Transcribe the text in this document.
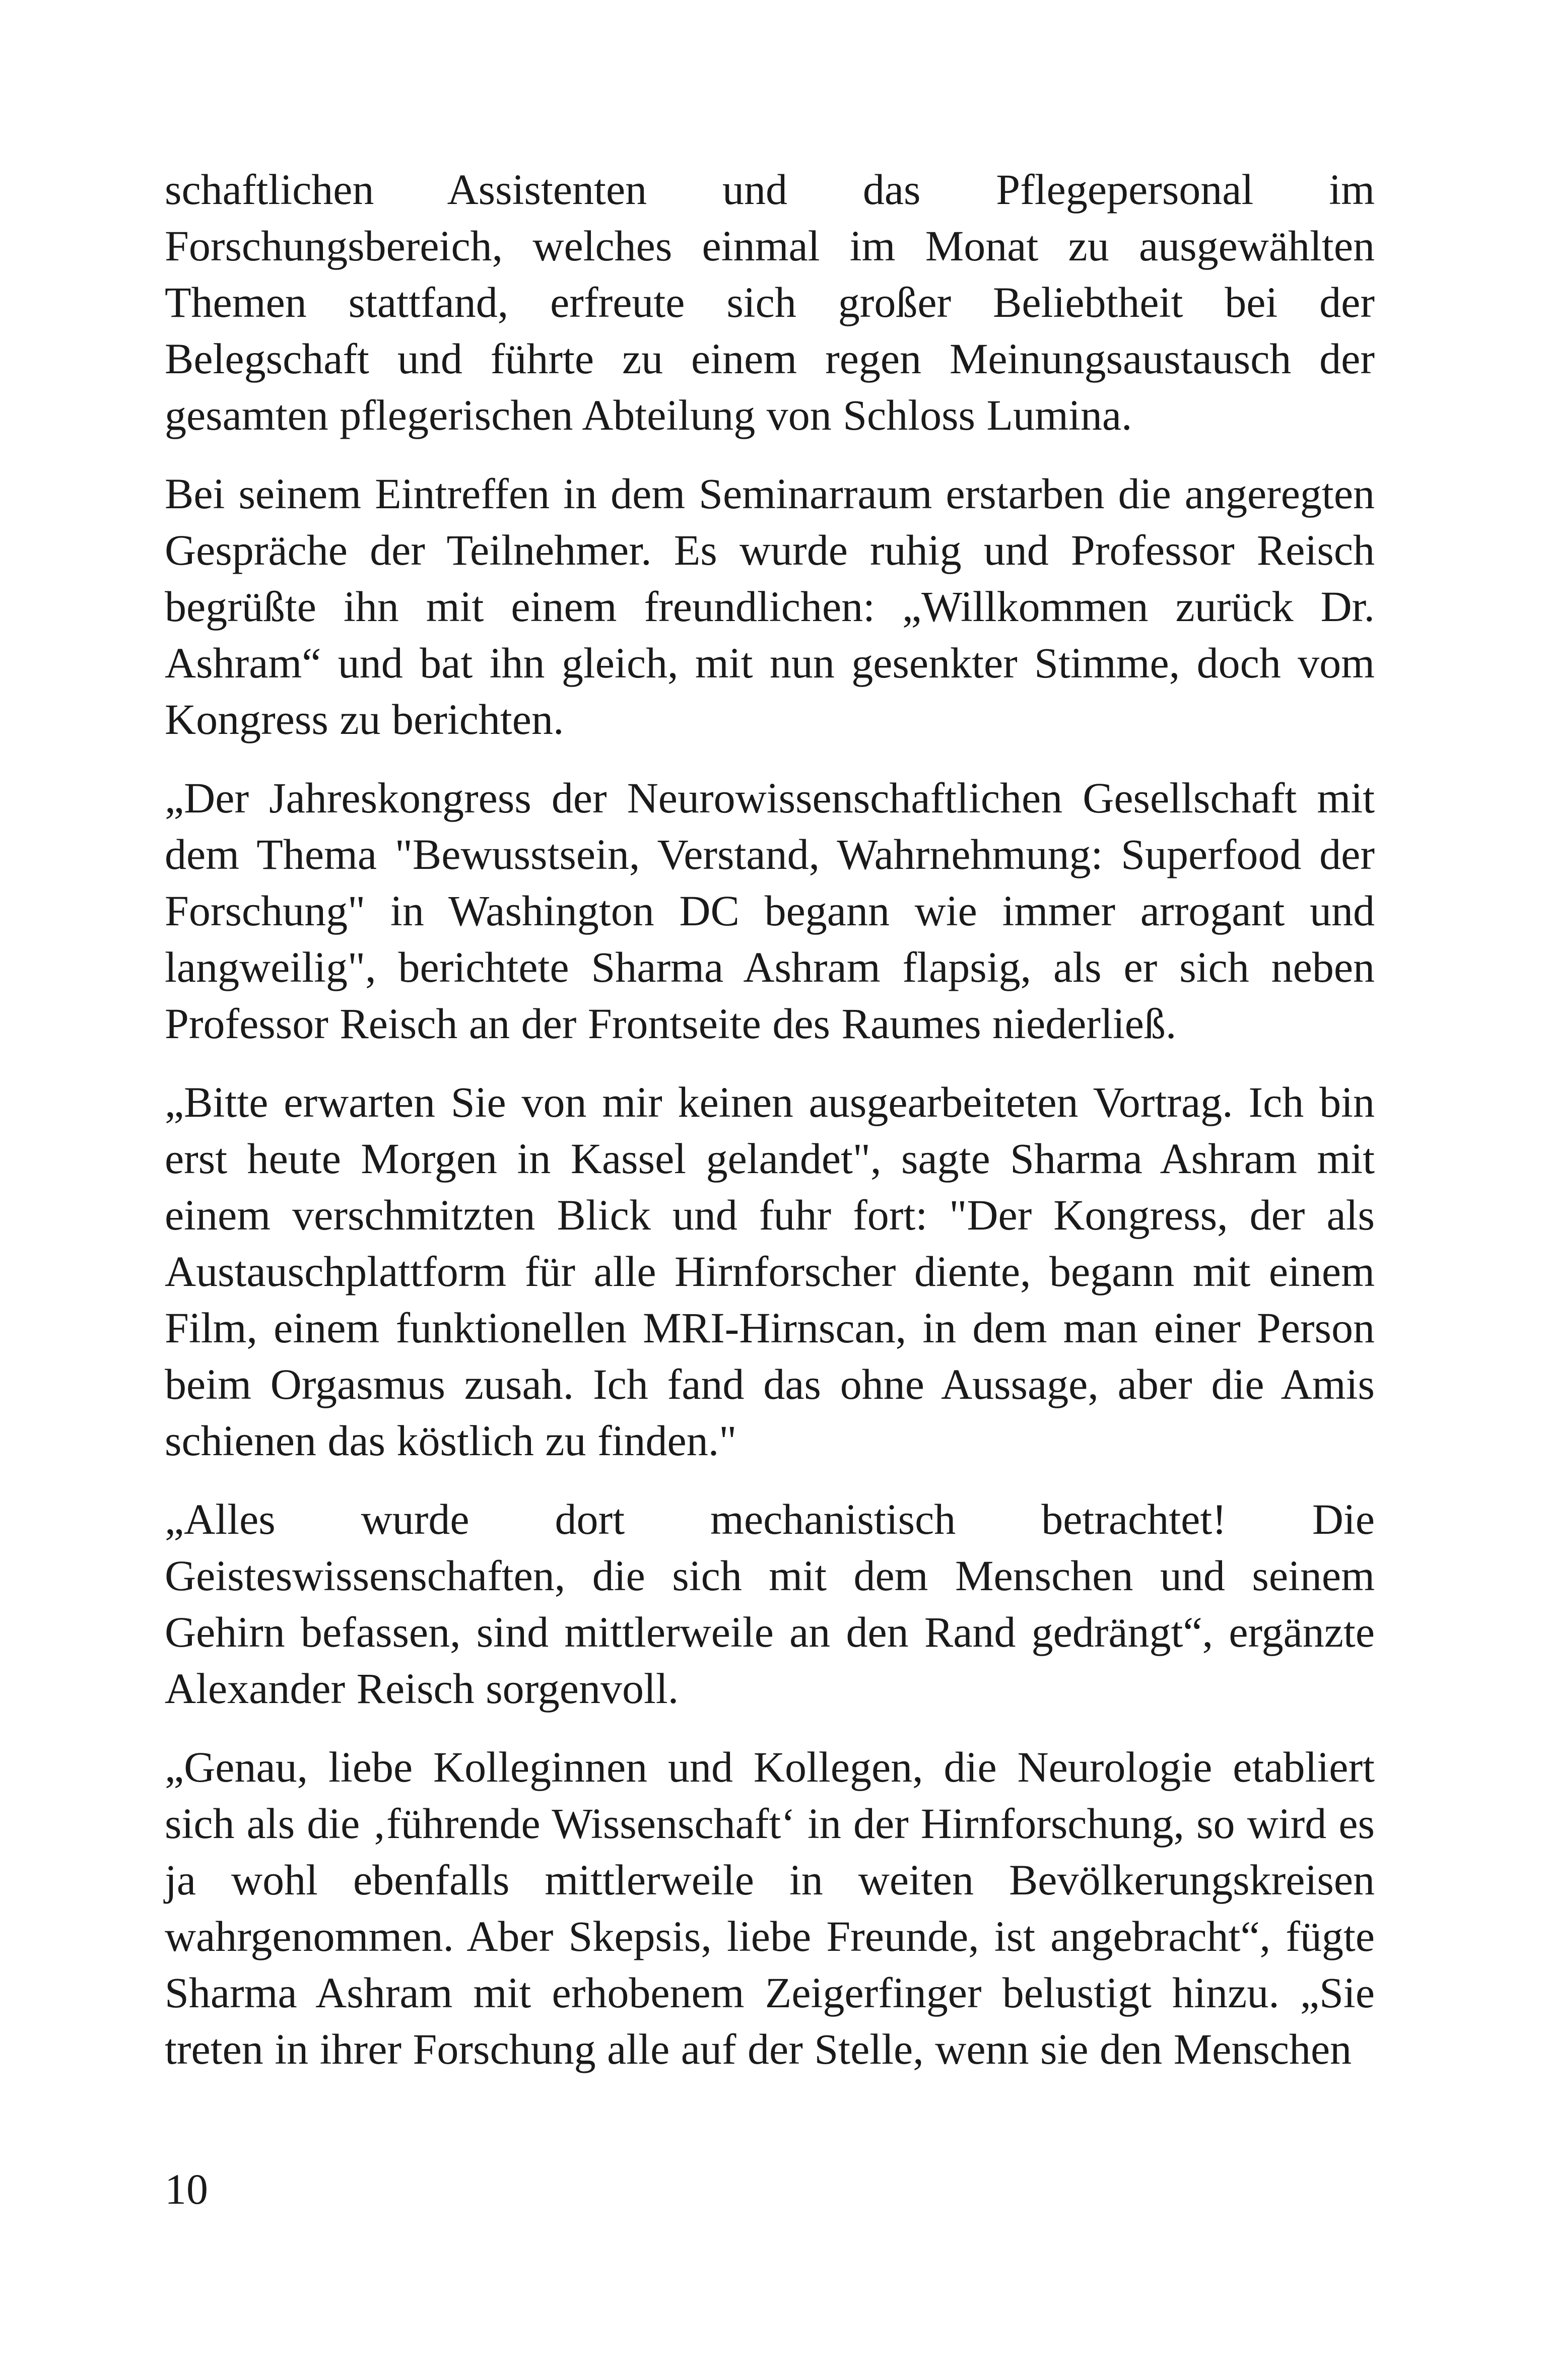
schaftlichen Assistenten und das Pflegepersonal im Forschungsbereich, welches einmal im Monat zu ausgewählten Themen stattfand, erfreute sich großer Beliebtheit bei der Belegschaft und führte zu einem regen Meinungsaustausch der gesamten pflegerischen Abteilung von Schloss Lumina.

Bei seinem Eintreffen in dem Seminarraum erstarben die angeregten Gespräche der Teilnehmer. Es wurde ruhig und Professor Reisch begrüßte ihn mit einem freundlichen: „Willkommen zurück Dr. Ashram“ und bat ihn gleich, mit nun gesenkter Stimme, doch vom Kongress zu berichten.

„Der Jahreskongress der Neurowissenschaftlichen Gesellschaft mit dem Thema "Bewusstsein, Verstand, Wahrnehmung: Superfood der Forschung" in Washington DC begann wie immer arrogant und langweilig", berichtete Sharma Ashram flapsig, als er sich neben Professor Reisch an der Frontseite des Raumes niederließ.

„Bitte erwarten Sie von mir keinen ausgearbeiteten Vortrag. Ich bin erst heute Morgen in Kassel gelandet", sagte Sharma Ashram mit einem verschmitzten Blick und fuhr fort: "Der Kongress, der als Austauschplattform für alle Hirnforscher diente, begann mit einem Film, einem funktionellen MRI-Hirnscan, in dem man einer Person beim Orgasmus zusah. Ich fand das ohne Aussage, aber die Amis schienen das köstlich zu finden."

„Alles wurde dort mechanistisch betrachtet! Die Geisteswissenschaften, die sich mit dem Menschen und seinem Gehirn befassen, sind mittlerweile an den Rand gedrängt“, ergänzte Alexander Reisch sorgenvoll.

„Genau, liebe Kolleginnen und Kollegen, die Neurologie etabliert sich als die ‚führende Wissenschaft‘ in der Hirnforschung, so wird es ja wohl ebenfalls mittlerweile in weiten Bevölkerungskreisen wahrgenommen. Aber Skepsis, liebe Freunde, ist angebracht“, fügte Sharma Ashram mit erhobenem Zeigerfinger belustigt hinzu. „Sie treten in ihrer Forschung alle auf der Stelle, wenn sie den Menschen

10
